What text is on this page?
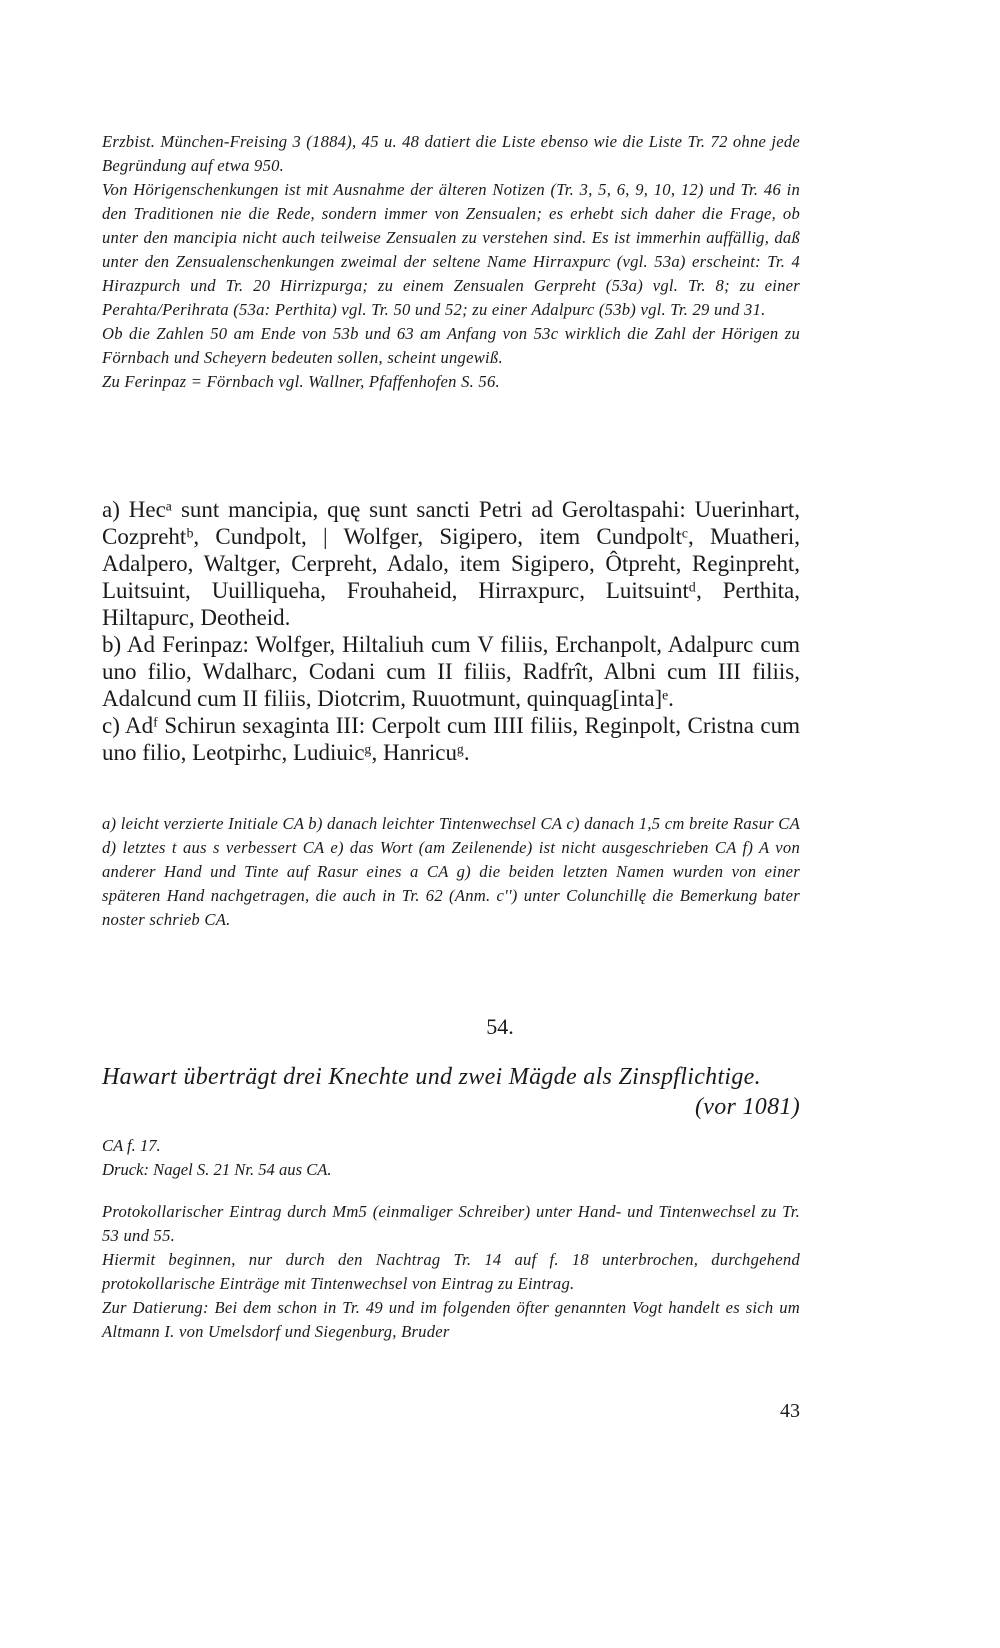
Erzbist. München-Freising 3 (1884), 45 u. 48 datiert die Liste ebenso wie die Liste Tr. 72 ohne jede Begründung auf etwa 950.

Von Hörigenschenkungen ist mit Ausnahme der älteren Notizen (Tr. 3, 5, 6, 9, 10, 12) und Tr. 46 in den Traditionen nie die Rede, sondern immer von Zensualen; es erhebt sich daher die Frage, ob unter den mancipia nicht auch teilweise Zensualen zu verstehen sind. Es ist immerhin auffällig, daß unter den Zensualenschenkungen zweimal der seltene Name Hirraxpurc (vgl. 53a) erscheint: Tr. 4 Hirazpurch und Tr. 20 Hirrizpurga; zu einem Zensualen Gerpreht (53a) vgl. Tr. 8; zu einer Perahta/Perihrata (53a: Perthita) vgl. Tr. 50 und 52; zu einer Adalpurc (53b) vgl. Tr. 29 und 31.

Ob die Zahlen 50 am Ende von 53b und 63 am Anfang von 53c wirklich die Zahl der Hörigen zu Förnbach und Scheyern bedeuten sollen, scheint ungewiß.

Zu Ferinpaz = Förnbach vgl. Wallner, Pfaffenhofen S. 56.

a) Hecᵃ sunt mancipia, quę sunt sancti Petri ad Geroltaspahi: Uuerinhart, Cozprehtᵇ, Cundpolt, | Wolfger, Sigipero, item Cundpoltᶜ, Muatheri, Adalpero, Waltger, Cerpreht, Adalo, item Sigipero, Ôtpreht, Reginpreht, Luitsuint, Uuilliqueha, Frouhaheid, Hirraxpurc, Luitsuintᵈ, Perthita, Hiltapurc, Deotheid.

b) Ad Ferinpaz: Wolfger, Hiltaliuh cum V filiis, Erchanpolt, Adalpurc cum uno filio, Wdalharc, Codani cum II filiis, Radfrît, Albni cum III filiis, Adalcund cum II filiis, Diotcrim, Ruuotmunt, quinquag[inta]ᵉ.

c) Adᶠ Schirun sexaginta III: Cerpolt cum IIII filiis, Reginpolt, Cristna cum uno filio, Leotpirhc, Ludiuicᵍ, Hanricuᵍ.

a) leicht verzierte Initiale CA b) danach leichter Tintenwechsel CA c) danach 1,5 cm breite Rasur CA d) letztes t aus s verbessert CA e) das Wort (am Zeilenende) ist nicht ausgeschrieben CA f) A von anderer Hand und Tinte auf Rasur eines a CA g) die beiden letzten Namen wurden von einer späteren Hand nachgetragen, die auch in Tr. 62 (Anm. c'') unter Colunchillę die Bemerkung bater noster schrieb CA.

54.
Hawart überträgt drei Knechte und zwei Mägde als Zinspflichtige.
(vor 1081)

CA f. 17.

Druck: Nagel S. 21 Nr. 54 aus CA.

Protokollarischer Eintrag durch Mm5 (einmaliger Schreiber) unter Hand- und Tintenwechsel zu Tr. 53 und 55.

Hiermit beginnen, nur durch den Nachtrag Tr. 14 auf f. 18 unterbrochen, durchgehend protokollarische Einträge mit Tintenwechsel von Eintrag zu Eintrag.

Zur Datierung: Bei dem schon in Tr. 49 und im folgenden öfter genannten Vogt handelt es sich um Altmann I. von Umelsdorf und Siegenburg, Bruder

43
